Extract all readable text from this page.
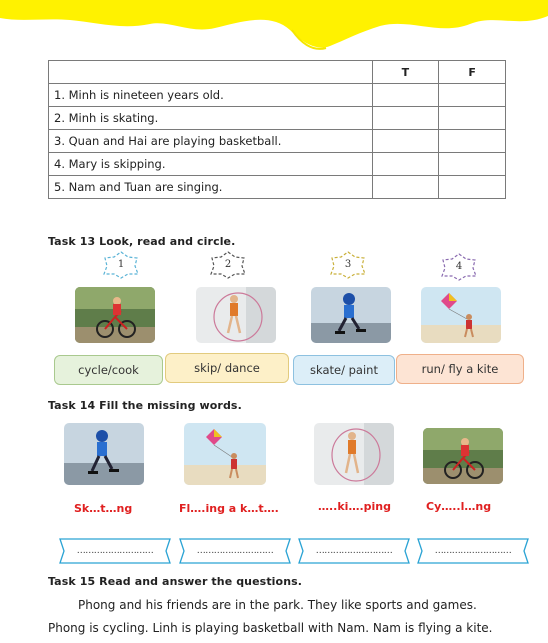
	T	F
1. Minh is nineteen years old.		
2. Minh is skating.		
3. Quan and Hai are playing basketball.		
4. Mary is skipping.		
5. Nam and Tuan are singing.		
Task 13 Look, read and circle.
1	2	3	4
cycle/cook	skip/ dance	skate/ paint	run/ fly a kite
Task 14 Fill the missing words.
Sk…t…ng	Fl….ing a k…t….	…..ki….ping	Cy…..l…ng
………………………	………………………	………………………	………………………
Task 15 Read and answer the questions.
Phong and his friends are in the park. They like sports and games.
Phong is cycling. Linh is playing basketball with Nam. Nam is flying a kite.
